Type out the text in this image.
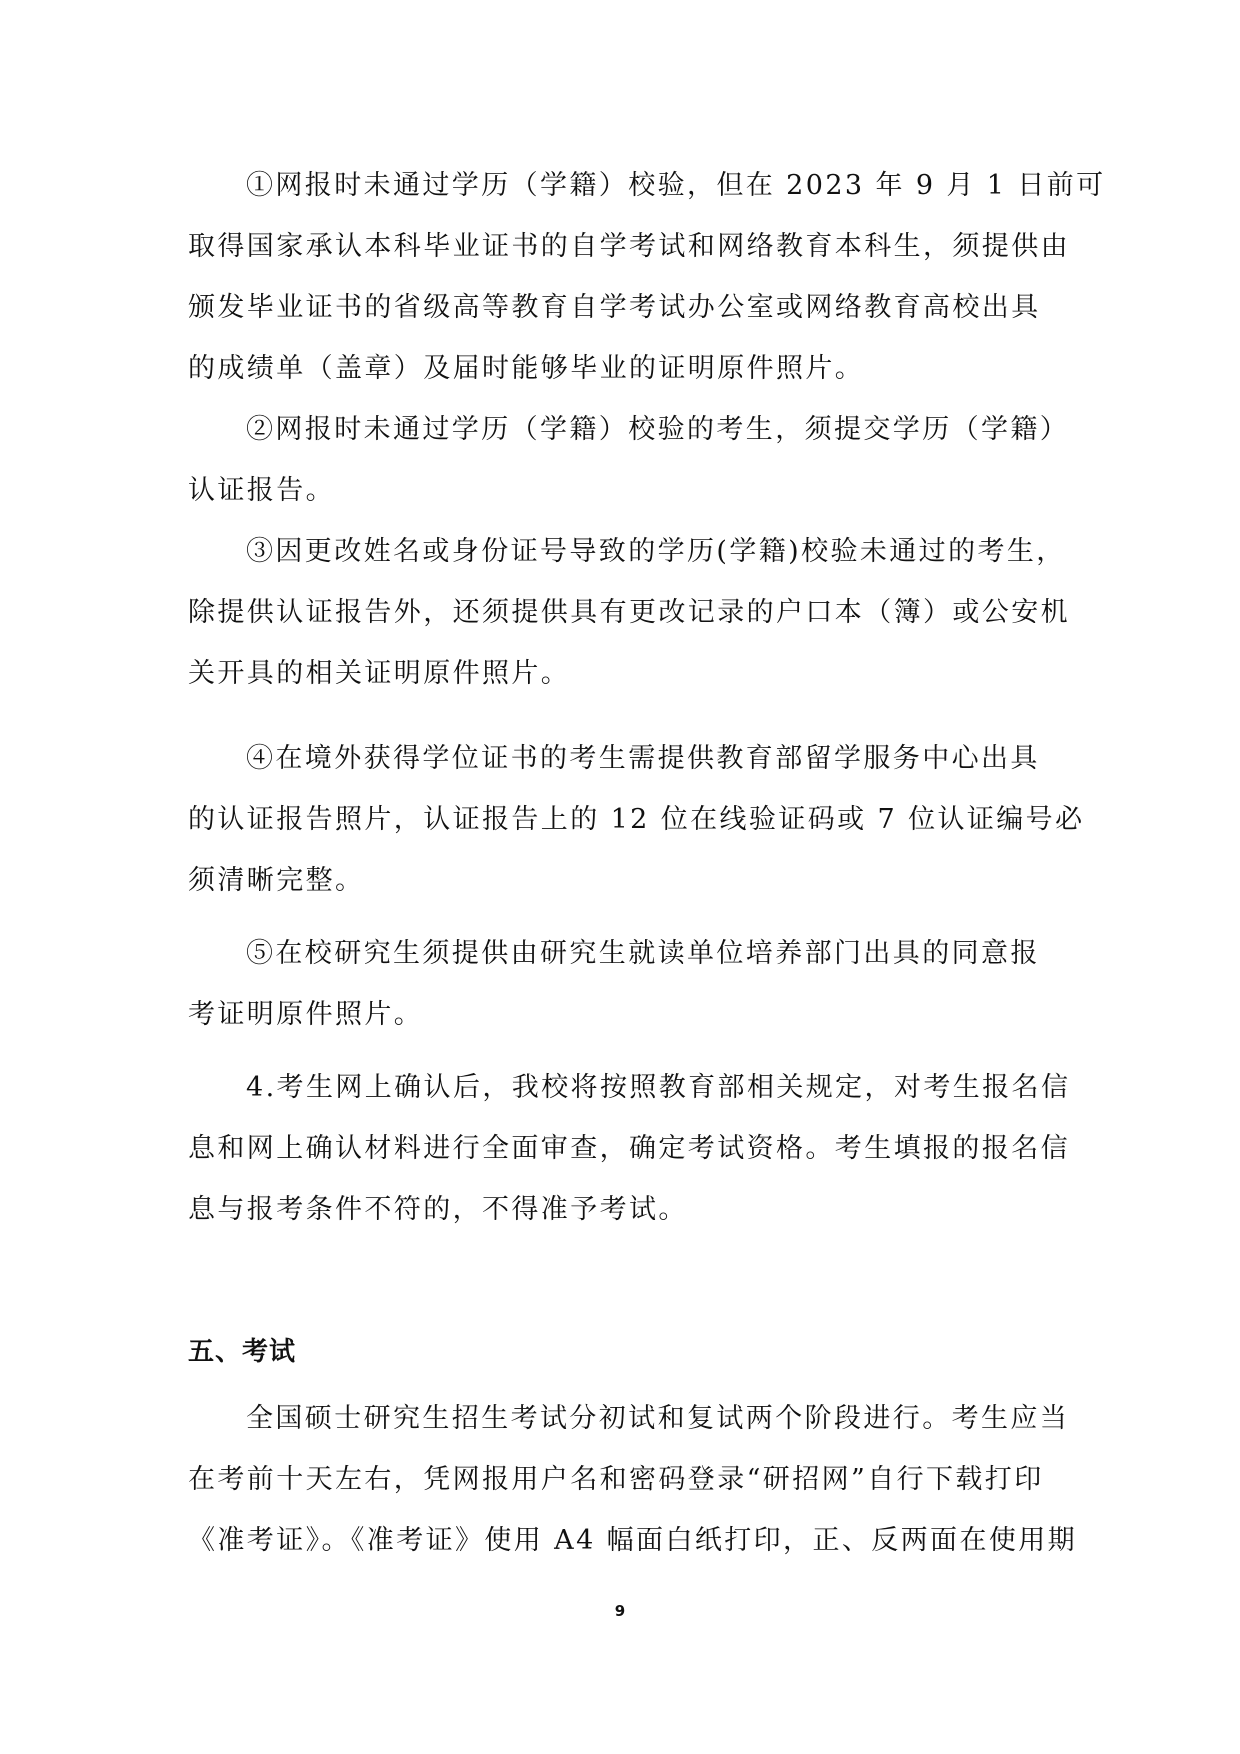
①网报时未通过学历（学籍）校验，但在 2023 年 9 月 1 日前可
取得国家承认本科毕业证书的自学考试和网络教育本科生，须提供由
颁发毕业证书的省级高等教育自学考试办公室或网络教育高校出具
的成绩单（盖章）及届时能够毕业的证明原件照片。
②网报时未通过学历（学籍）校验的考生，须提交学历（学籍）
认证报告。
③因更改姓名或身份证号导致的学历(学籍)校验未通过的考生，
除提供认证报告外，还须提供具有更改记录的户口本（簿）或公安机
关开具的相关证明原件照片。
④在境外获得学位证书的考生需提供教育部留学服务中心出具
的认证报告照片，认证报告上的 12 位在线验证码或 7 位认证编号必
须清晰完整。
⑤在校研究生须提供由研究生就读单位培养部门出具的同意报
考证明原件照片。
4.考生网上确认后，我校将按照教育部相关规定，对考生报名信
息和网上确认材料进行全面审查，确定考试资格。考生填报的报名信
息与报考条件不符的，不得准予考试。
五、考试
全国硕士研究生招生考试分初试和复试两个阶段进行。考生应当
在考前十天左右，凭网报用户名和密码登录“研招网”自行下载打印
《准考证》。《准考证》使用 A4 幅面白纸打印，正、反两面在使用期
9
